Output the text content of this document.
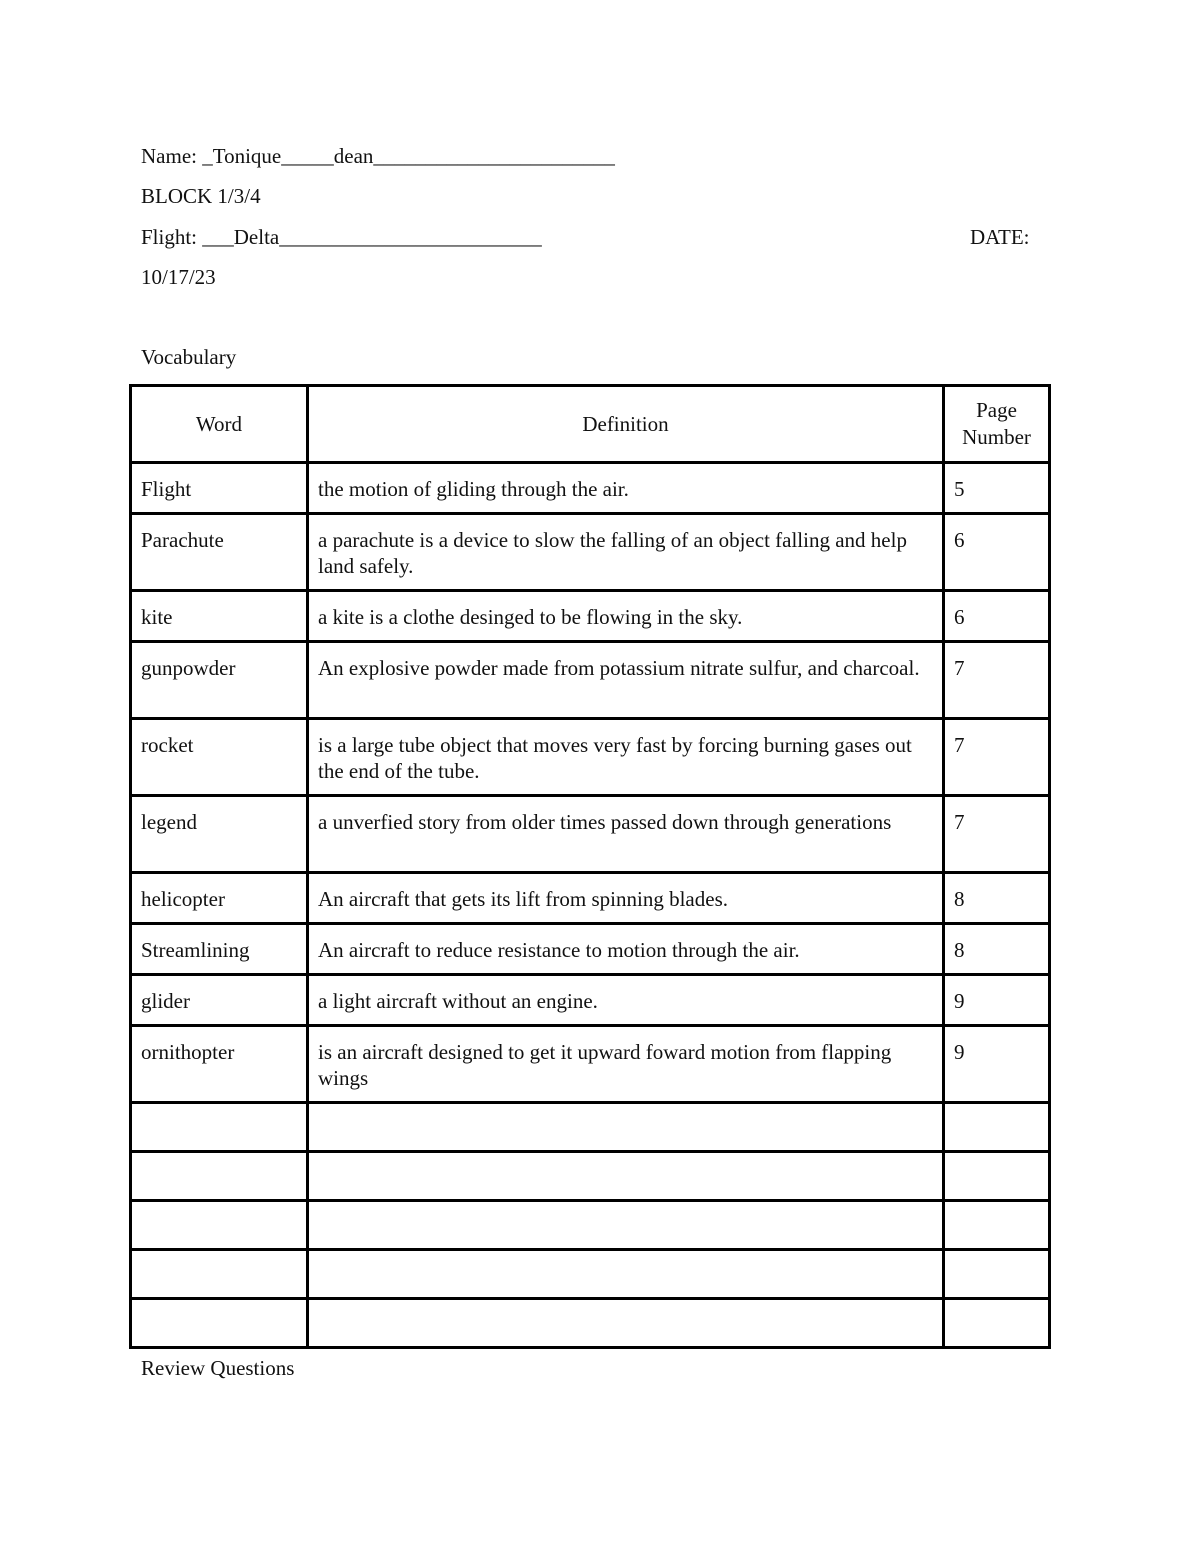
Name: _Tonique_____dean_______________________
BLOCK 1/3/4
Flight: ___Delta_________________________	DATE:
10/17/23
Vocabulary
Word	Definition	Page
Number
Flight	the motion of gliding through the air.	5
Parachute	a parachute is a device to slow the falling of an object falling and help land safely.	6
kite	a kite is a clothe desinged to be flowing in the sky.	6
gunpowder	An explosive powder made from potassium nitrate sulfur, and charcoal.	7
rocket	is a large tube object that moves very fast by forcing burning gases out the end of the tube.	7
legend	a unverfied story from older times passed down through generations	7
helicopter	An aircraft that gets its lift from spinning blades.	8
Streamlining	An aircraft to reduce resistance to motion through the air.	8
glider	a light aircraft without an engine.	9
ornithopter	is an aircraft designed to get it upward foward motion from flapping wings	9

Review Questions
